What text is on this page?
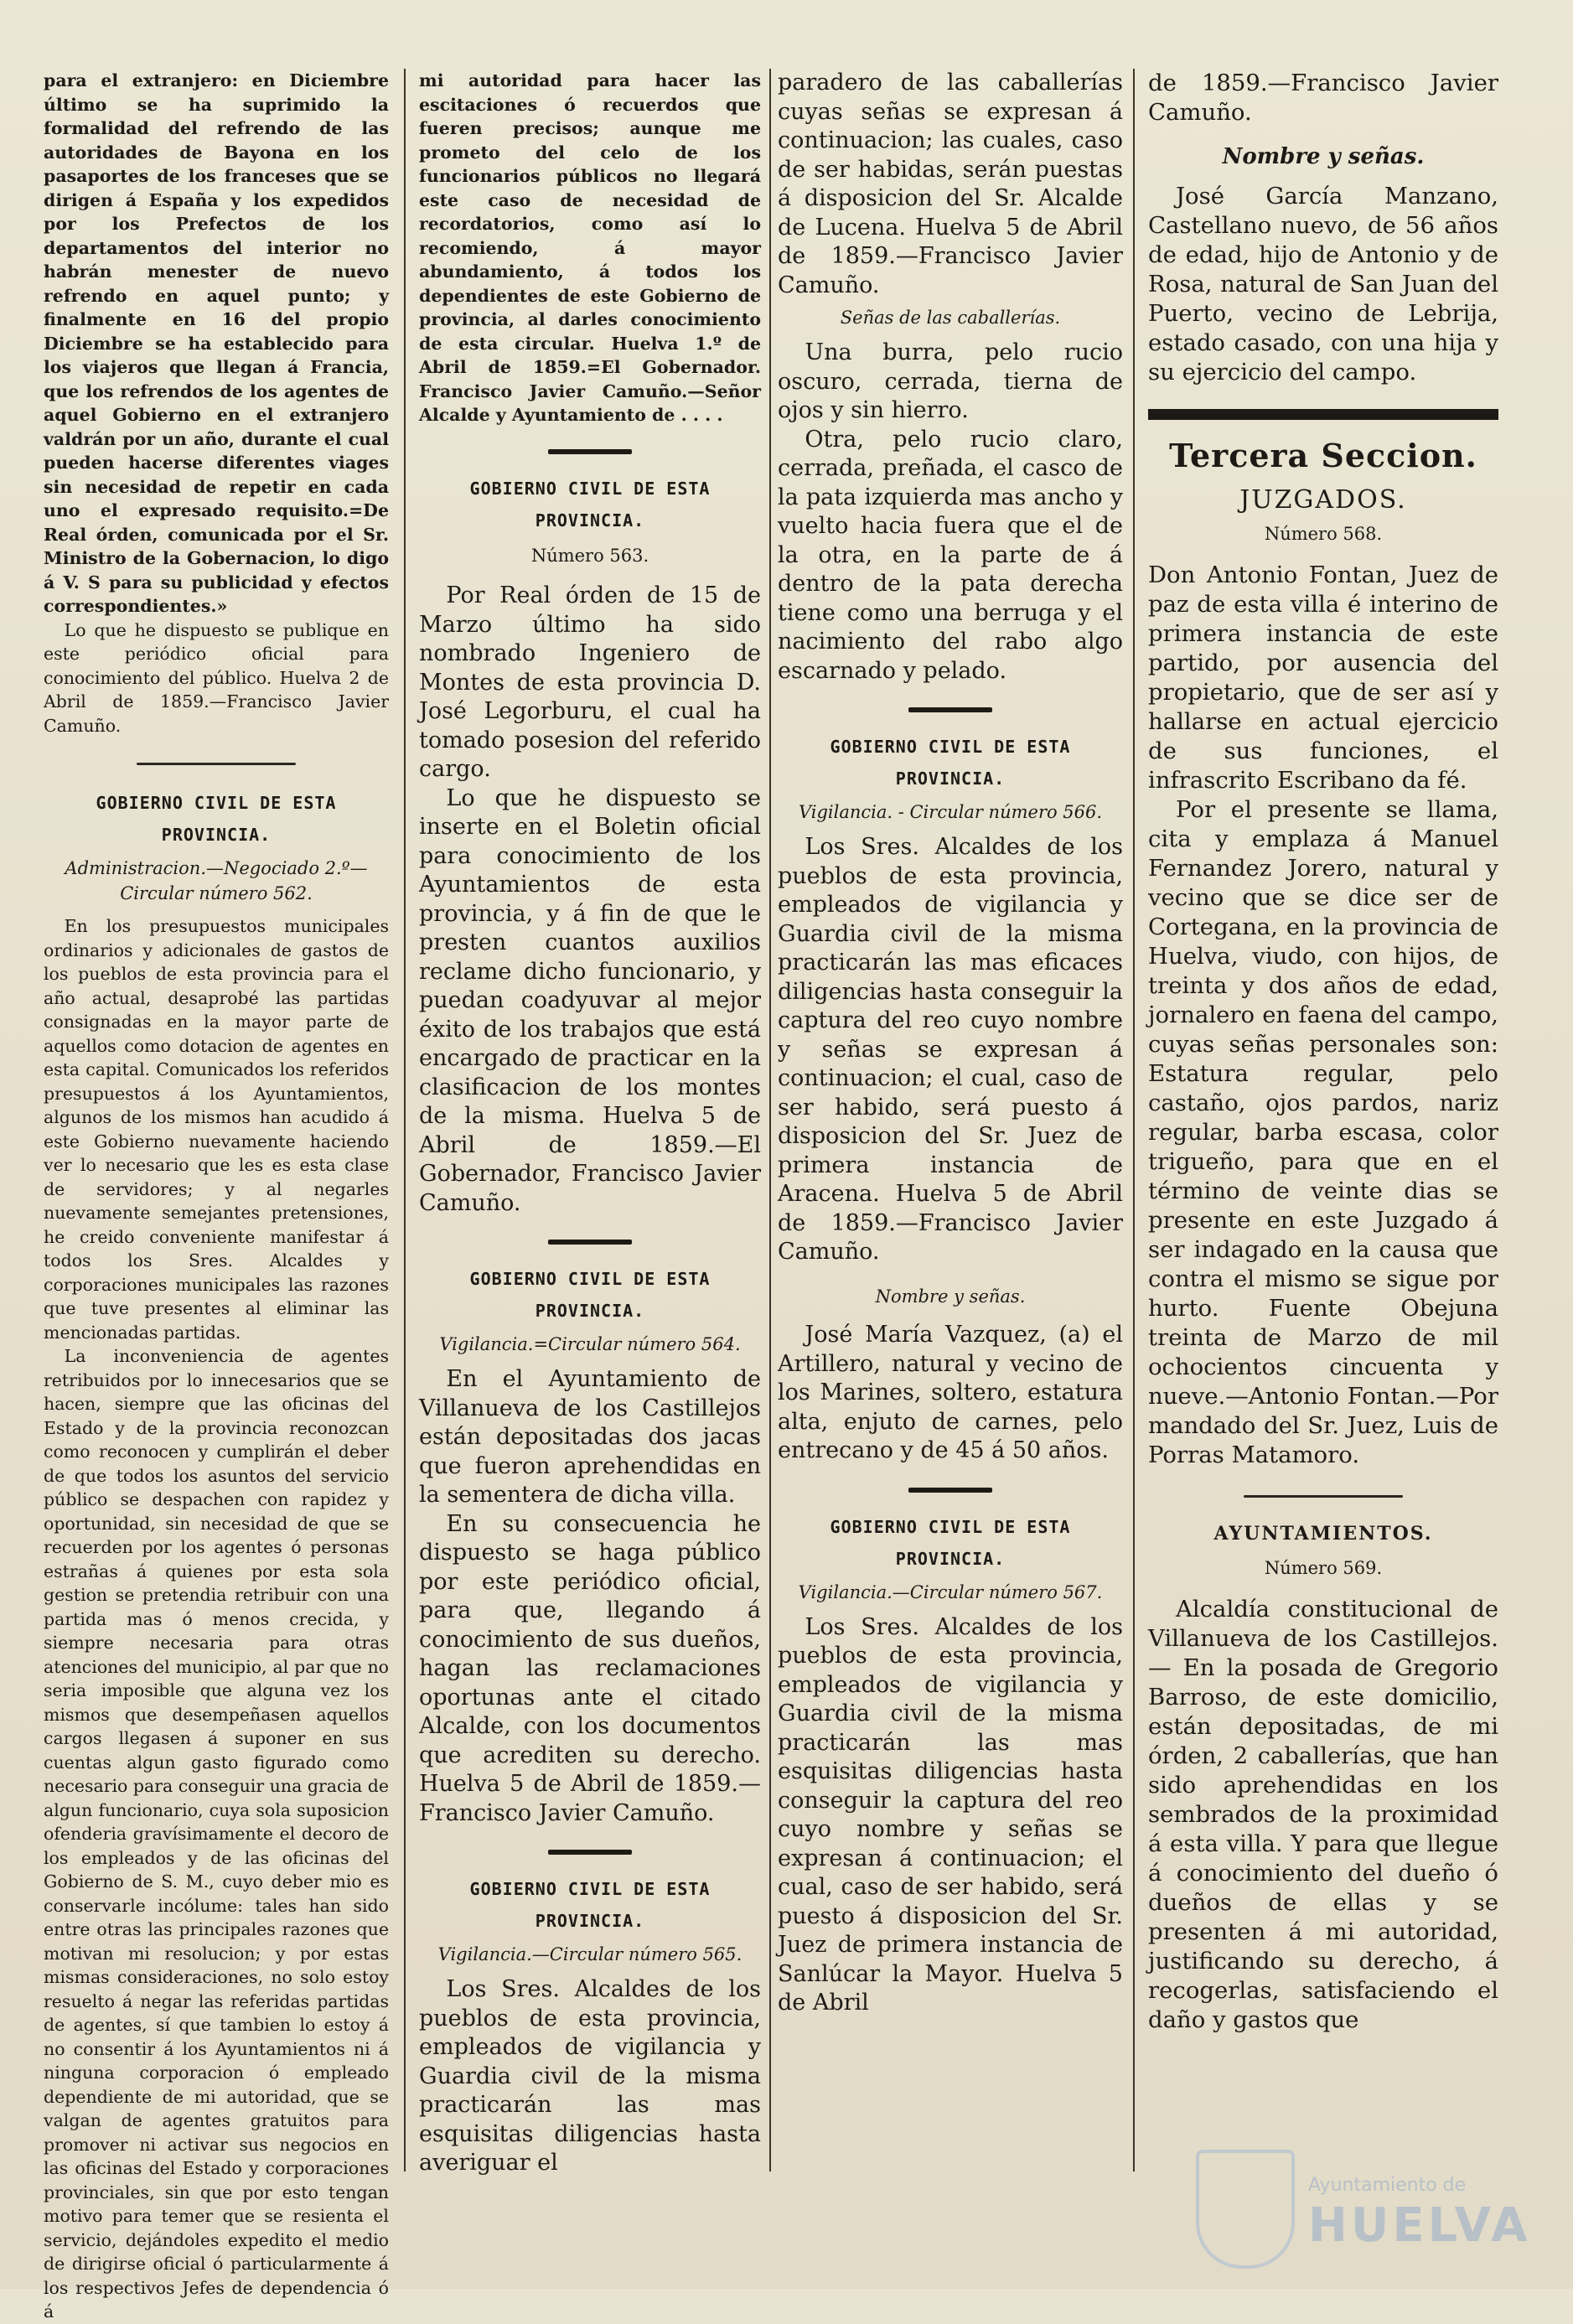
para el extranjero: en Diciembre último se ha suprimido la formalidad del refrendo de las autoridades de Bayona en los pasaportes de los franceses que se dirigen á España y los expedidos por los Prefectos de los departamentos del interior no habrán menester de nuevo refrendo en aquel punto; y finalmente en 16 del propio Diciembre se ha establecido para los viajeros que llegan á Francia, que los refrendos de los agentes de aquel Gobierno en el extranjero valdrán por un año, durante el cual pueden hacerse diferentes viages sin necesidad de repetir en cada uno el expresado requisito.=De Real órden, comunicada por el Sr. Ministro de la Gobernacion, lo digo á V. S para su publicidad y efectos correspondientes.»

Lo que he dispuesto se publique en este periódico oficial para conocimiento del público. Huelva 2 de Abril de 1859.—Francisco Javier Camuño.

GOBIERNO CIVIL DE ESTA PROVINCIA.
Administracion.—Negociado 2.º— Circular número 562.

En los presupuestos municipales ordinarios y adicionales de gastos de los pueblos de esta provincia para el año actual, desaprobé las partidas consignadas en la mayor parte de aquellos como dotacion de agentes en esta capital. Comunicados los referidos presupuestos á los Ayuntamientos, algunos de los mismos han acudido á este Gobierno nuevamente haciendo ver lo necesario que les es esta clase de servidores; y al negarles nuevamente semejantes pretensiones, he creido conveniente manifestar á todos los Sres. Alcaldes y corporaciones municipales las razones que tuve presentes al eliminar las mencionadas partidas.

La inconveniencia de agentes retribuidos por lo innecesarios que se hacen, siempre que las oficinas del Estado y de la provincia reconozcan como reconocen y cumplirán el deber de que todos los asuntos del servicio público se despachen con rapidez y oportunidad, sin necesidad de que se recuerden por los agentes ó personas estrañas á quienes por esta sola gestion se pretendia retribuir con una partida mas ó menos crecida, y siempre necesaria para otras atenciones del municipio, al par que no seria imposible que alguna vez los mismos que desempeñasen aquellos cargos llegasen á suponer en sus cuentas algun gasto figurado como necesario para conseguir una gracia de algun funcionario, cuya sola suposicion ofenderia gravísimamente el decoro de los empleados y de las oficinas del Gobierno de S. M., cuyo deber mio es conservarle incólume: tales han sido entre otras las principales razones que motivan mi resolucion; y por estas mismas consideraciones, no solo estoy resuelto á negar las referidas partidas de agentes, sí que tambien lo estoy á no consentir á los Ayuntamientos ni á ninguna corporacion ó empleado dependiente de mi autoridad, que se valgan de agentes gratuitos para promover ni activar sus negocios en las oficinas del Estado y corporaciones provinciales, sin que por esto tengan motivo para temer que se resienta el servicio, dejándoles expedito el medio de dirigirse oficial ó particularmente á los respectivos Jefes de dependencia ó á

mi autoridad para hacer las escitaciones ó recuerdos que fueren precisos; aunque me prometo del celo de los funcionarios públicos no llegará este caso de necesidad de recordatorios, como así lo recomiendo, á mayor abundamiento, á todos los dependientes de este Gobierno de provincia, al darles conocimiento de esta circular. Huelva 1.º de Abril de 1859.=El Gobernador. Francisco Javier Camuño.—Señor Alcalde y Ayuntamiento de . . . .

GOBIERNO CIVIL DE ESTA PROVINCIA.
Número 563.

Por Real órden de 15 de Marzo último ha sido nombrado Ingeniero de Montes de esta provincia D. José Legorburu, el cual ha tomado posesion del referido cargo.

Lo que he dispuesto se inserte en el Boletin oficial para conocimiento de los Ayuntamientos de esta provincia, y á fin de que le presten cuantos auxilios reclame dicho funcionario, y puedan coadyuvar al mejor éxito de los trabajos que está encargado de practicar en la clasificacion de los montes de la misma. Huelva 5 de Abril de 1859.—El Gobernador, Francisco Javier Camuño.

GOBIERNO CIVIL DE ESTA PROVINCIA.
Vigilancia.=Circular número 564.

En el Ayuntamiento de Villanueva de los Castillejos están depositadas dos jacas que fueron aprehendidas en la sementera de dicha villa.

En su consecuencia he dispuesto se haga público por este periódico oficial, para que, llegando á conocimiento de sus dueños, hagan las reclamaciones oportunas ante el citado Alcalde, con los documentos que acrediten su derecho. Huelva 5 de Abril de 1859.—Francisco Javier Camuño.

GOBIERNO CIVIL DE ESTA PROVINCIA.
Vigilancia.—Circular número 565.

Los Sres. Alcaldes de los pueblos de esta provincia, empleados de vigilancia y Guardia civil de la misma practicarán las mas esquisitas diligencias hasta averiguar el

paradero de las caballerías cuyas señas se expresan á continuacion; las cuales, caso de ser habidas, serán puestas á disposicion del Sr. Alcalde de Lucena. Huelva 5 de Abril de 1859.—Francisco Javier Camuño.

Señas de las caballerías.

Una burra, pelo rucio oscuro, cerrada, tierna de ojos y sin hierro.

Otra, pelo rucio claro, cerrada, preñada, el casco de la pata izquierda mas ancho y vuelto hacia fuera que el de la otra, en la parte de á dentro de la pata derecha tiene como una berruga y el nacimiento del rabo algo escarnado y pelado.

GOBIERNO CIVIL DE ESTA PROVINCIA.
Vigilancia. - Circular número 566.

Los Sres. Alcaldes de los pueblos de esta provincia, empleados de vigilancia y Guardia civil de la misma practicarán las mas eficaces diligencias hasta conseguir la captura del reo cuyo nombre y señas se expresan á continuacion; el cual, caso de ser habido, será puesto á disposicion del Sr. Juez de primera instancia de Aracena. Huelva 5 de Abril de 1859.—Francisco Javier Camuño.

Nombre y señas.

José María Vazquez, (a) el Artillero, natural y vecino de los Marines, soltero, estatura alta, enjuto de carnes, pelo entrecano y de 45 á 50 años.

GOBIERNO CIVIL DE ESTA PROVINCIA.
Vigilancia.—Circular número 567.

Los Sres. Alcaldes de los pueblos de esta provincia, empleados de vigilancia y Guardia civil de la misma practicarán las mas esquisitas diligencias hasta conseguir la captura del reo cuyo nombre y señas se expresan á continuacion; el cual, caso de ser habido, será puesto á disposicion del Sr. Juez de primera instancia de Sanlúcar la Mayor. Huelva 5 de Abril

de 1859.—Francisco Javier Camuño.

Nombre y señas.

José García Manzano, Castellano nuevo, de 56 años de edad, hijo de Antonio y de Rosa, natural de San Juan del Puerto, vecino de Lebrija, estado casado, con una hija y su ejercicio del campo.

Tercera Seccion.
JUZGADOS.
Número 568.

Don Antonio Fontan, Juez de paz de esta villa é interino de primera instancia de este partido, por ausencia del propietario, que de ser así y hallarse en actual ejercicio de sus funciones, el infrascrito Escribano da fé.

Por el presente se llama, cita y emplaza á Manuel Fernandez Jorero, natural y vecino que se dice ser de Cortegana, en la provincia de Huelva, viudo, con hijos, de treinta y dos años de edad, jornalero en faena del campo, cuyas señas personales son: Estatura regular, pelo castaño, ojos pardos, nariz regular, barba escasa, color trigueño, para que en el término de veinte dias se presente en este Juzgado á ser indagado en la causa que contra el mismo se sigue por hurto. Fuente Obejuna treinta de Marzo de mil ochocientos cincuenta y nueve.—Antonio Fontan.—Por mandado del Sr. Juez, Luis de Porras Matamoro.

AYUNTAMIENTOS.
Número 569.

Alcaldía constitucional de Villanueva de los Castillejos.— En la posada de Gregorio Barroso, de este domicilio, están depositadas, de mi órden, 2 caballerías, que han sido aprehendidas en los sembrados de la proximidad á esta villa. Y para que llegue á conocimiento del dueño ó dueños de ellas y se presenten á mi autoridad, justificando su derecho, á recogerlas, satisfaciendo el daño y gastos que

Ayuntamiento de
HUELVA
